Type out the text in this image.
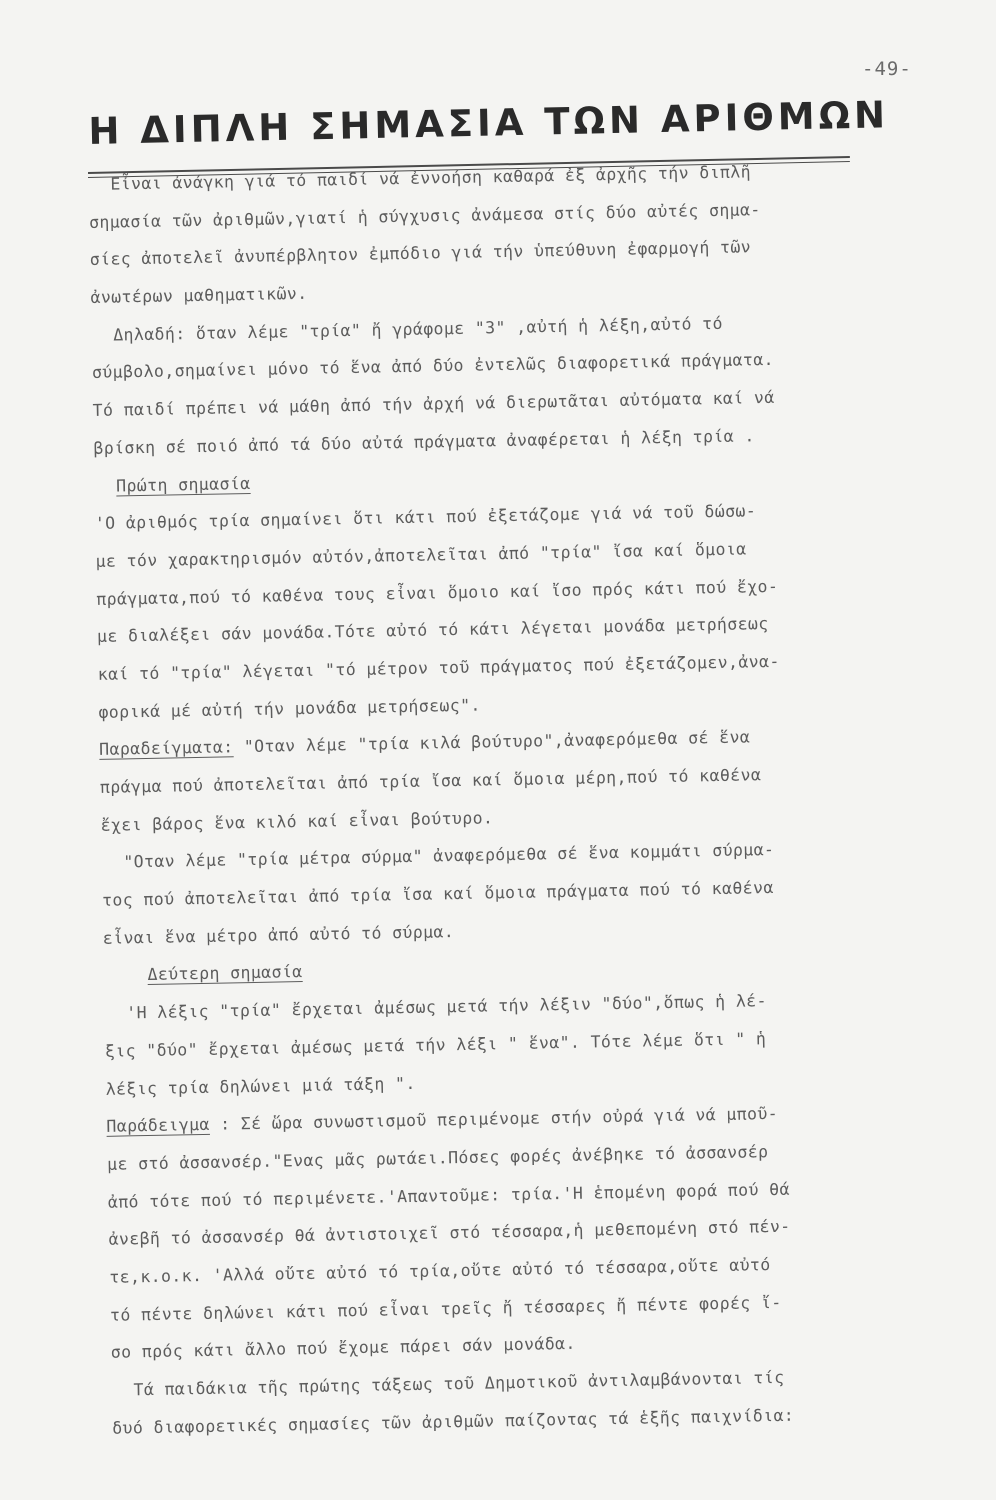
-49-
Η ΔΙΠΛΗ ΣΗΜΑΣΙΑ ΤΩΝ ΑΡΙΘΜΩΝ
Εἶναι ἀνάγκη γιά τό παιδί νά ἐννοήση καθαρά ἐξ ἀρχῆς τήν διπλῆ
σημασία τῶν ἀριθμῶν,γιατί ἡ σύγχυσις ἀνάμεσα στίς δύο αὐτές σημα-
σίες ἀποτελεῖ ἀνυπέρβλητον ἐμπόδιο γιά τήν ὑπεύθυνη ἐφαρμογή τῶν
ἀνωτέρων μαθηματικῶν.
Δηλαδή: ὅταν λέμε "τρία" ἤ γράφομε "3" ,αὐτή ἡ λέξη,αὐτό τό
σύμβολο,σημαίνει μόνο τό ἕνα ἀπό δύο ἐντελῶς διαφορετικά πράγματα.
Τό παιδί πρέπει νά μάθη ἀπό τήν ἀρχή νά διερωτᾶται αὐτόματα καί νά
βρίσκη σέ ποιό ἀπό τά δύο αὐτά πράγματα ἀναφέρεται ἡ λέξη τρία .
Πρώτη σημασία
'Ο ἀριθμός τρία σημαίνει ὅτι κάτι πού ἐξετάζομε γιά νά τοῦ δώσω-
με τόν χαρακτηρισμόν αὐτόν,ἀποτελεῖται ἀπό "τρία" ἴσα καί ὅμοια
πράγματα,πού τό καθένα τους εἶναι ὅμοιο καί ἴσο πρός κάτι πού ἔχο-
με διαλέξει σάν μονάδα.Τότε αὐτό τό κάτι λέγεται μονάδα μετρήσεως
καί τό "τρία" λέγεται "τό μέτρον τοῦ πράγματος πού ἐξετάζομεν,ἀνα-
φορικά μέ αὐτή τήν μονάδα μετρήσεως".
Παραδείγματα: "Οταν λέμε "τρία κιλά βούτυρο",ἀναφερόμεθα σέ ἕνα
πράγμα πού ἀποτελεῖται ἀπό τρία ἴσα καί ὅμοια μέρη,πού τό καθένα
ἔχει βάρος ἕνα κιλό καί εἶναι βούτυρο.
"Οταν λέμε "τρία μέτρα σύρμα" ἀναφερόμεθα σέ ἕνα κομμάτι σύρμα-
τος πού ἀποτελεῖται ἀπό τρία ἴσα καί ὅμοια πράγματα πού τό καθένα
εἶναι ἕνα μέτρο ἀπό αὐτό τό σύρμα.
Δεύτερη σημασία
'Η λέξις "τρία" ἔρχεται ἀμέσως μετά τήν λέξιν "δύο",ὅπως ἡ λέ-
ξις "δύο" ἔρχεται ἀμέσως μετά τήν λέξι " ἕνα". Τότε λέμε ὅτι " ἡ
λέξις τρία δηλώνει μιά τάξη ".
Παράδειγμα : Σέ ὥρα συνωστισμοῦ περιμένομε στήν οὐρά γιά νά μποῦ-
με στό ἀσσανσέρ."Ενας μᾶς ρωτάει.Πόσες φορές ἀνέβηκε τό ἀσσανσέρ
ἀπό τότε πού τό περιμένετε.'Απαντοῦμε: τρία.'Η ἑπομένη φορά πού θά
ἀνεβῆ τό ἀσσανσέρ θά ἀντιστοιχεῖ στό τέσσαρα,ἡ μεθεπομένη στό πέν-
τε,κ.ο.κ. 'Αλλά οὔτε αὐτό τό τρία,οὔτε αὐτό τό τέσσαρα,οὔτε αὐτό
τό πέντε δηλώνει κάτι πού εἶναι τρεῖς ἤ τέσσαρες ἤ πέντε φορές ἴ-
σο πρός κάτι ἄλλο πού ἔχομε πάρει σάν μονάδα.
Τά παιδάκια τῆς πρώτης τάξεως τοῦ Δημοτικοῦ ἀντιλαμβάνονται τίς
δυό διαφορετικές σημασίες τῶν ἀριθμῶν παίζοντας τά ἑξῆς παιχνίδια:
